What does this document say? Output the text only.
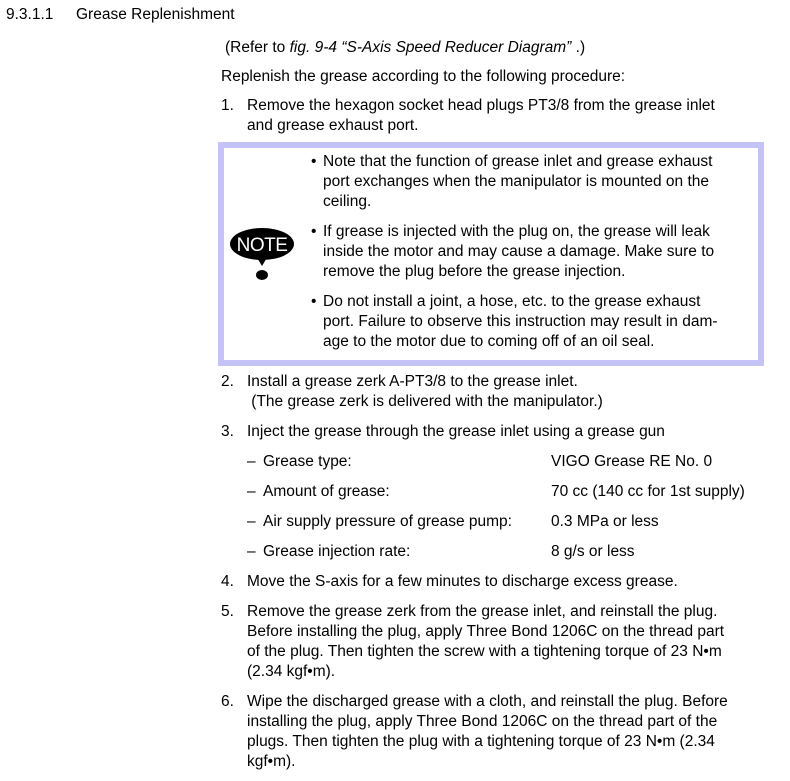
9.3.1.1 Grease Replenishment
(Refer to fig. 9-4 “S-Axis Speed Reducer Diagram” .)
Replenish the grease according to the following procedure:
1. Remove the hexagon socket head plugs PT3/8 from the grease inlet
and grease exhaust port.
NOTE
• Note that the function of grease inlet and grease exhaust
port exchanges when the manipulator is mounted on the
ceiling.
• If grease is injected with the plug on, the grease will leak
inside the motor and may cause a damage. Make sure to
remove the plug before the grease injection.
• Do not install a joint, a hose, etc. to the grease exhaust
port. Failure to observe this instruction may result in dam-
age to the motor due to coming off of an oil seal.
2. Install a grease zerk A-PT3/8 to the grease inlet.
(The grease zerk is delivered with the manipulator.)
3. Inject the grease through the grease inlet using a grease gun
– Grease type:	VIGO Grease RE No. 0
– Amount of grease:	70 cc (140 cc for 1st supply)
– Air supply pressure of grease pump:	0.3 MPa or less
– Grease injection rate:	8 g/s or less
4. Move the S-axis for a few minutes to discharge excess grease.
5. Remove the grease zerk from the grease inlet, and reinstall the plug.
Before installing the plug, apply Three Bond 1206C on the thread part
of the plug. Then tighten the screw with a tightening torque of 23 N•m
(2.34 kgf•m).
6. Wipe the discharged grease with a cloth, and reinstall the plug. Before
installing the plug, apply Three Bond 1206C on the thread part of the
plugs. Then tighten the plug with a tightening torque of 23 N•m (2.34
kgf•m).
